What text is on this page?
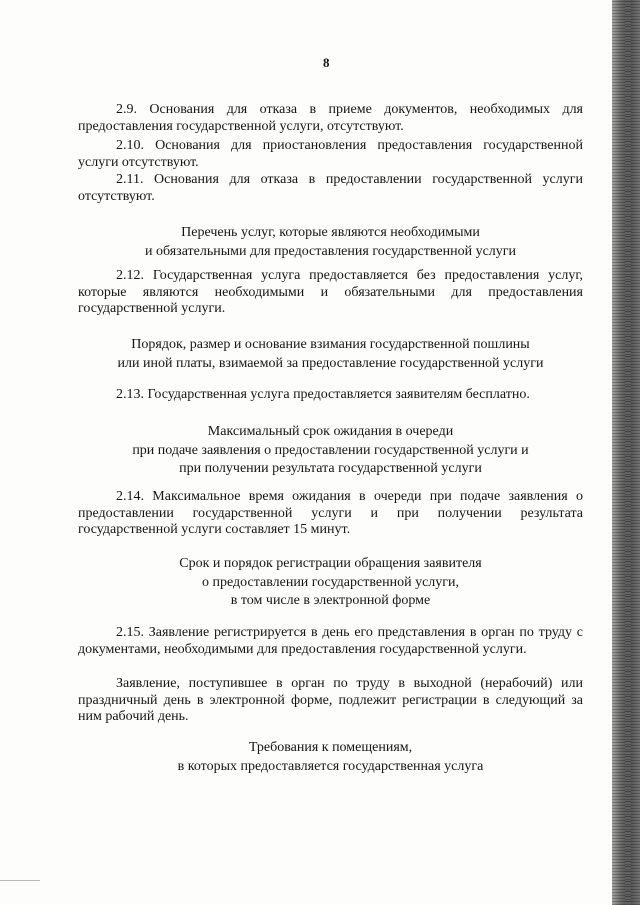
8

2.9. Основания для отказа в приеме документов, необходимых для предоставления государственной услуги, отсутствуют.

2.10. Основания для приостановления предоставления государственной услуги отсутствуют.

2.11. Основания для отказа в предоставлении государственной услуги отсутствуют.

Перечень услуг, которые являются необходимыми
и обязательными для предоставления государственной услуги

2.12. Государственная услуга предоставляется без предоставления услуг, которые являются необходимыми и обязательными для предоставления государственной услуги.

Порядок, размер и основание взимания государственной пошлины
или иной платы, взимаемой за предоставление государственной услуги

2.13. Государственная услуга предоставляется заявителям бесплатно.

Максимальный срок ожидания в очереди
при подаче заявления о предоставлении государственной услуги и
при получении результата государственной услуги

2.14. Максимальное время ожидания в очереди при подаче заявления о предоставлении государственной услуги и при получении результата государственной услуги составляет 15 минут.

Срок и порядок регистрации обращения заявителя
о предоставлении государственной услуги,
в том числе в электронной форме

2.15. Заявление регистрируется в день его представления в орган по труду с документами, необходимыми для предоставления государственной услуги.

Заявление, поступившее в орган по труду в выходной (нерабочий) или праздничный день в электронной форме, подлежит регистрации в следующий за ним рабочий день.

Требования к помещениям,
в которых предоставляется государственная услуга
